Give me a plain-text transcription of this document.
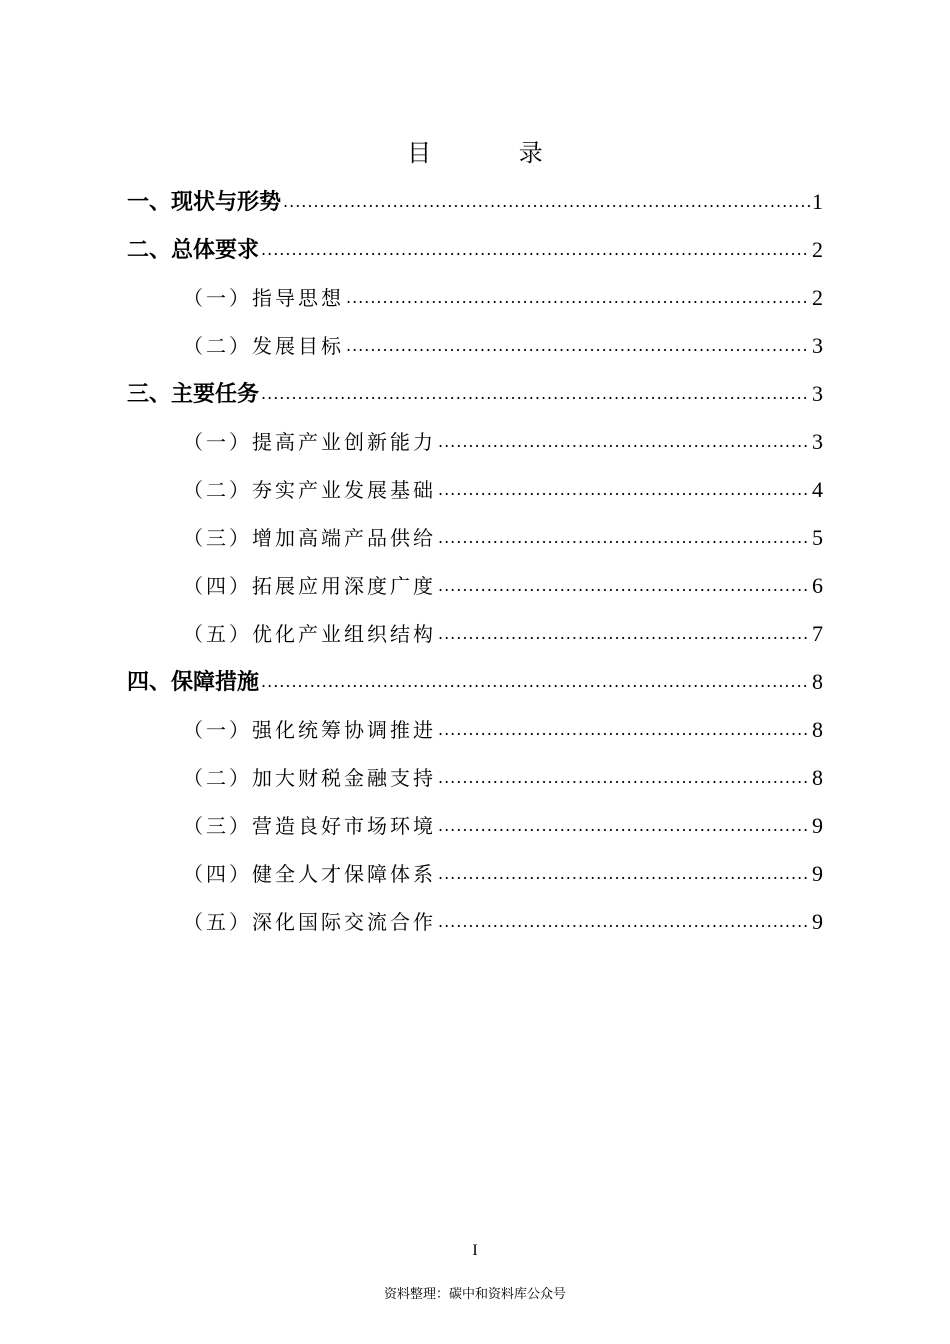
目 录
一、现状与形势 .....	1
二、总体要求 .....	2
（一）指导思想 .....	2
（二）发展目标 .....	3
三、主要任务 .....	3
（一）提高产业创新能力 .....	3
（二）夯实产业发展基础 .....	4
（三）增加高端产品供给 .....	5
（四）拓展应用深度广度 .....	6
（五）优化产业组织结构 .....	7
四、保障措施 .....	8
（一）强化统筹协调推进 .....	8
（二）加大财税金融支持 .....	8
（三）营造良好市场环境 .....	9
（四）健全人才保障体系 .....	9
（五）深化国际交流合作 .....	9
I
资料整理：碳中和资料库公众号
